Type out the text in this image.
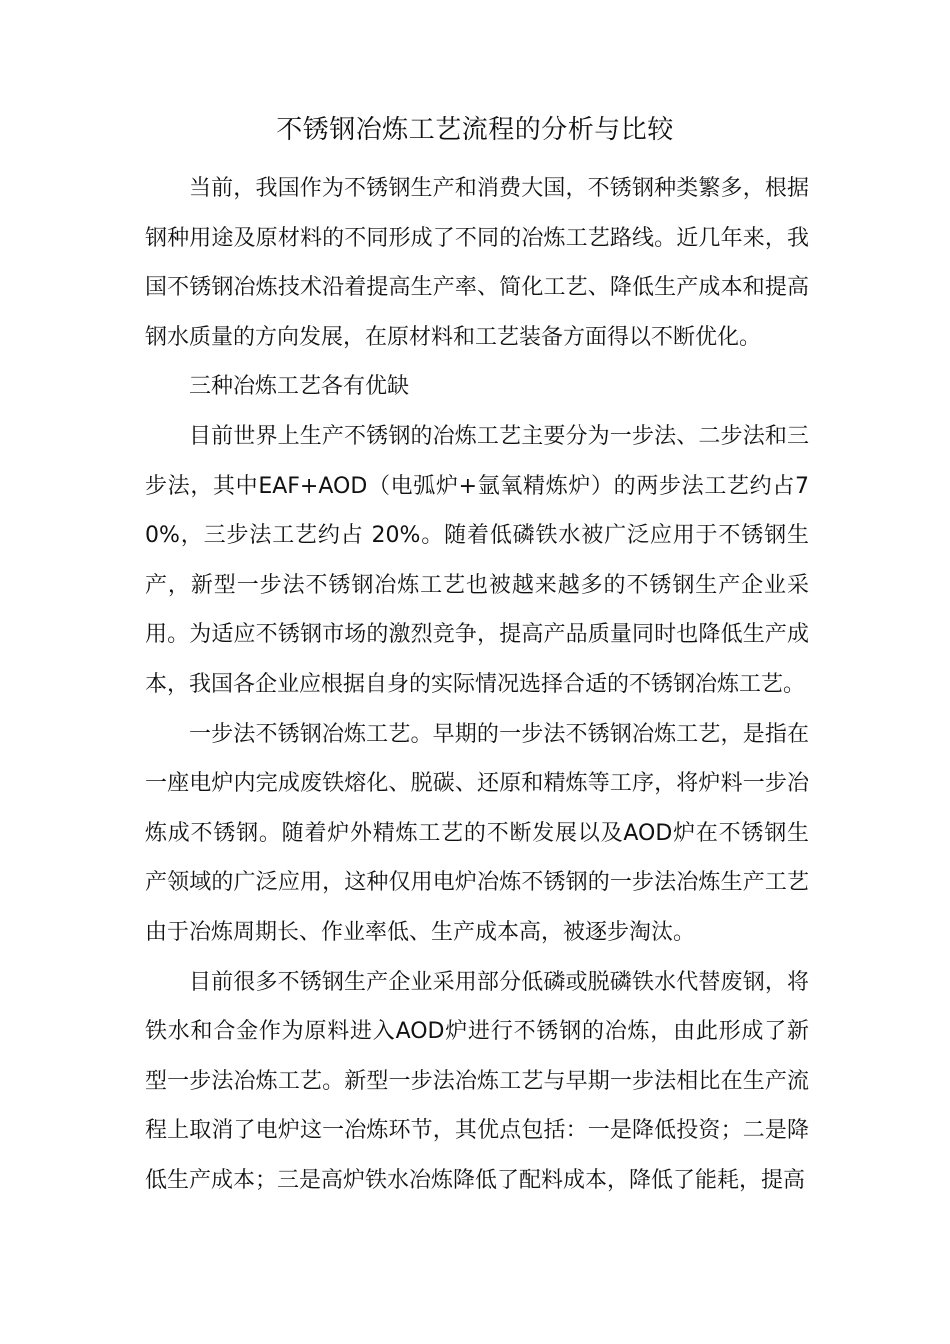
不锈钢冶炼工艺流程的分析与比较

当前，我国作为不锈钢生产和消费大国，不锈钢种类繁多，根据钢种用途及原材料的不同形成了不同的冶炼工艺路线。近几年来，我国不锈钢冶炼技术沿着提高生产率、简化工艺、降低生产成本和提高钢水质量的方向发展，在原材料和工艺装备方面得以不断优化。

三种冶炼工艺各有优缺

目前世界上生产不锈钢的冶炼工艺主要分为一步法、二步法和三步法，其中EAF+AOD（电弧炉+氩氧精炼炉）的两步法工艺约占70%，三步法工艺约占 20%。随着低磷铁水被广泛应用于不锈钢生产，新型一步法不锈钢冶炼工艺也被越来越多的不锈钢生产企业采用。为适应不锈钢市场的激烈竞争，提高产品质量同时也降低生产成本，我国各企业应根据自身的实际情况选择合适的不锈钢冶炼工艺。

一步法不锈钢冶炼工艺。早期的一步法不锈钢冶炼工艺，是指在一座电炉内完成废铁熔化、脱碳、还原和精炼等工序，将炉料一步冶炼成不锈钢。随着炉外精炼工艺的不断发展以及AOD炉在不锈钢生产领域的广泛应用，这种仅用电炉冶炼不锈钢的一步法冶炼生产工艺由于冶炼周期长、作业率低、生产成本高，被逐步淘汰。

目前很多不锈钢生产企业采用部分低磷或脱磷铁水代替废钢，将铁水和合金作为原料进入AOD炉进行不锈钢的冶炼，由此形成了新型一步法冶炼工艺。新型一步法冶炼工艺与早期一步法相比在生产流程上取消了电炉这一冶炼环节，其优点包括：一是降低投资；二是降低生产成本；三是高炉铁水冶炼降低了配料成本，降低了能耗，提高
